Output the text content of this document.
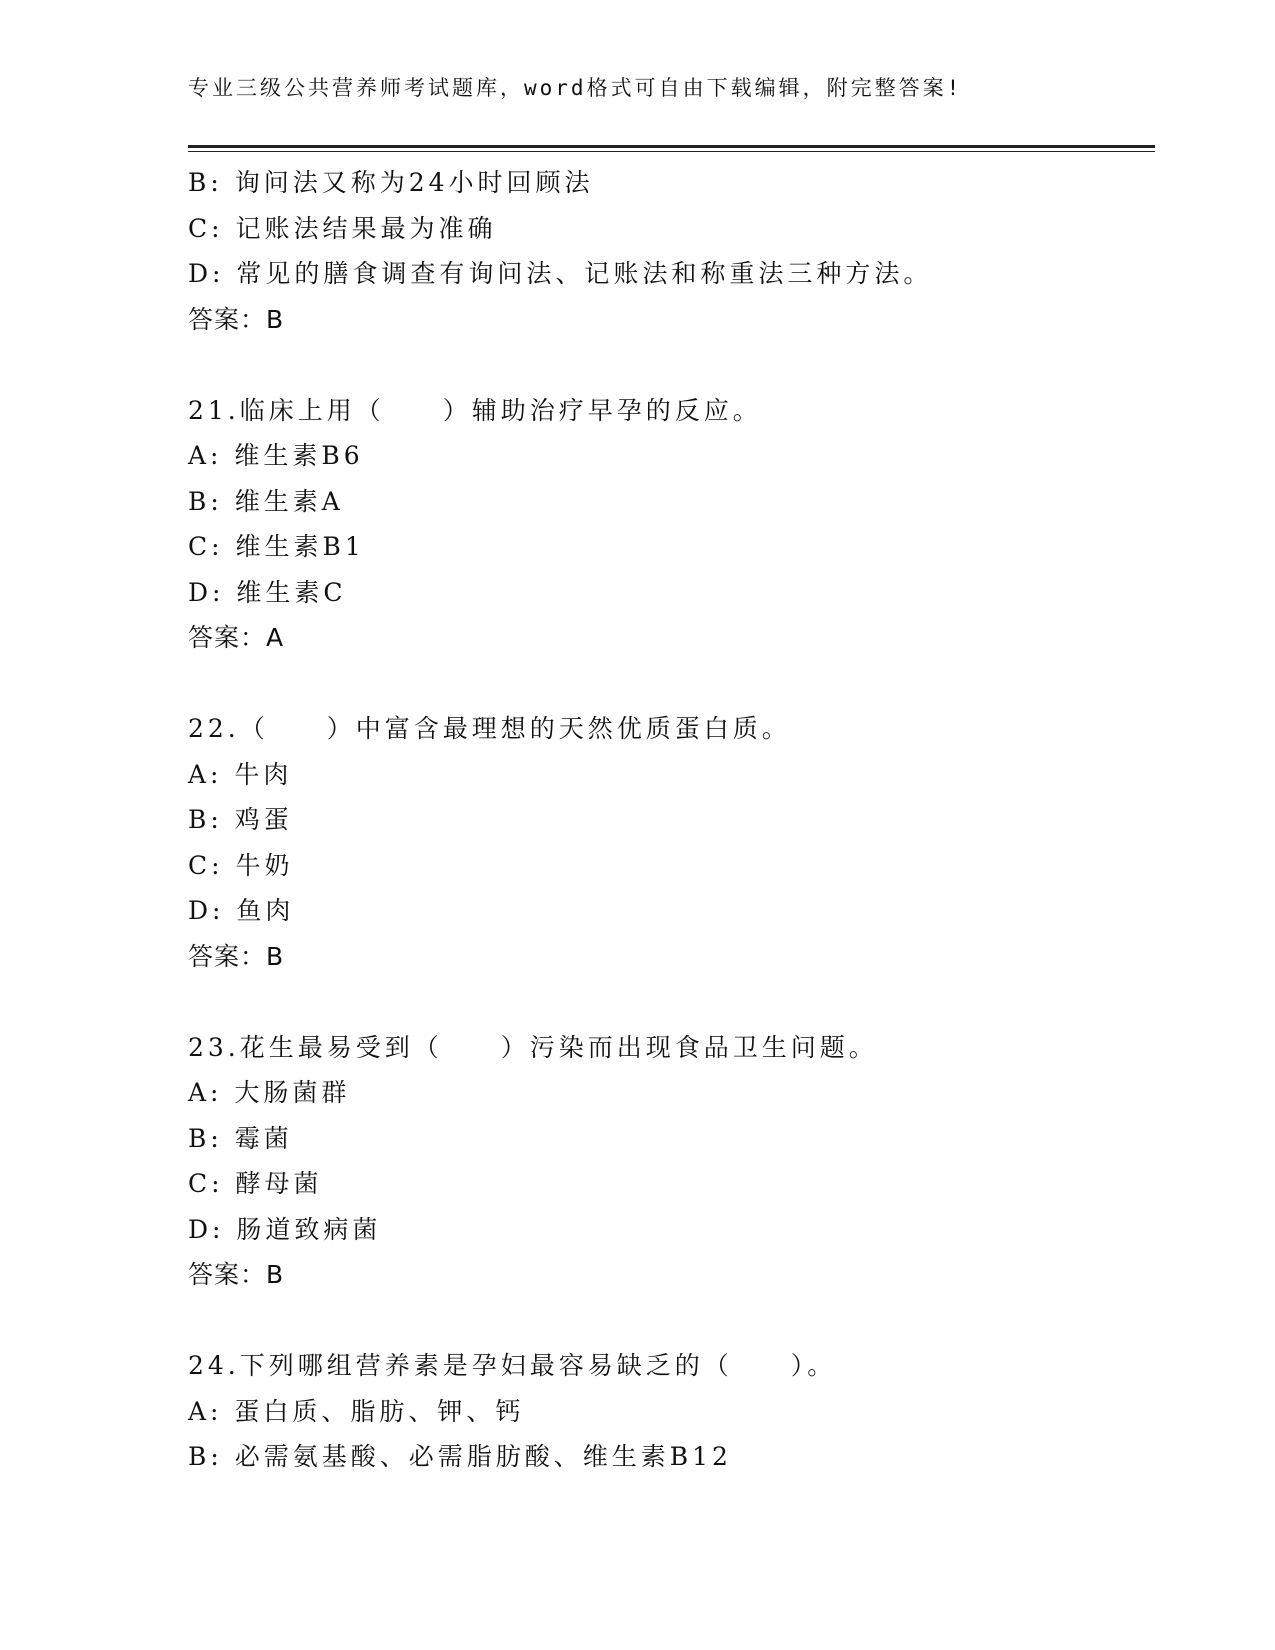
专业三级公共营养师考试题库，word格式可自由下载编辑，附完整答案!
B: 询问法又称为24小时回顾法
C: 记账法结果最为准确
D: 常见的膳食调查有询问法、记账法和称重法三种方法。
答案：B
21.临床上用（　　）辅助治疗早孕的反应。
A: 维生素B6
B: 维生素A
C: 维生素B1
D: 维生素C
答案：A
22.（　　）中富含最理想的天然优质蛋白质。
A: 牛肉
B: 鸡蛋
C: 牛奶
D: 鱼肉
答案：B
23.花生最易受到（　　）污染而出现食品卫生问题。
A: 大肠菌群
B: 霉菌
C: 酵母菌
D: 肠道致病菌
答案：B
24.下列哪组营养素是孕妇最容易缺乏的（　　）。
A: 蛋白质、脂肪、钾、钙
B: 必需氨基酸、必需脂肪酸、维生素B12
